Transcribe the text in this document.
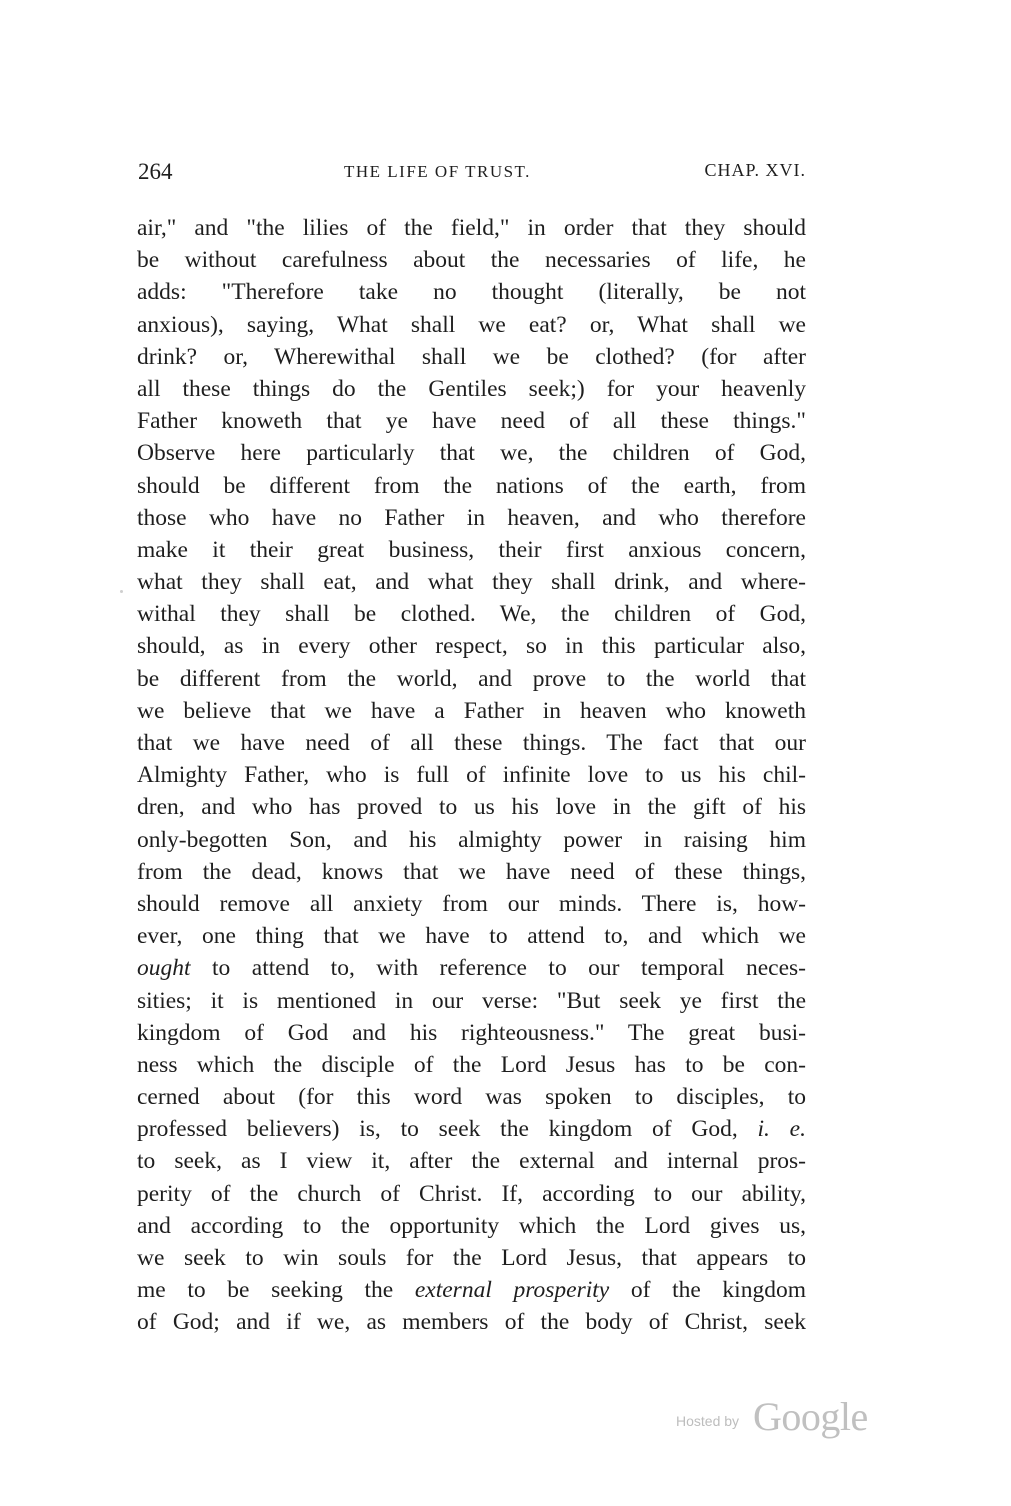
264	THE LIFE OF TRUST.	CHAP. XVI.
air," and "the lilies of the field," in order that they should
be without carefulness about the necessaries of life, he
adds: "Therefore take no thought (literally, be not
anxious), saying, What shall we eat? or, What shall we
drink? or, Wherewithal shall we be clothed? (for after
all these things do the Gentiles seek;) for your heavenly
Father knoweth that ye have need of all these things."
Observe here particularly that we, the children of God,
should be different from the nations of the earth, from
those who have no Father in heaven, and who therefore
make it their great business, their first anxious concern,
what they shall eat, and what they shall drink, and where-
withal they shall be clothed. We, the children of God,
should, as in every other respect, so in this particular also,
be different from the world, and prove to the world that
we believe that we have a Father in heaven who knoweth
that we have need of all these things. The fact that our
Almighty Father, who is full of infinite love to us his chil-
dren, and who has proved to us his love in the gift of his
only-begotten Son, and his almighty power in raising him
from the dead, knows that we have need of these things,
should remove all anxiety from our minds. There is, how-
ever, one thing that we have to attend to, and which we
ought to attend to, with reference to our temporal neces-
sities; it is mentioned in our verse: "But seek ye first the
kingdom of God and his righteousness." The great busi-
ness which the disciple of the Lord Jesus has to be con-
cerned about (for this word was spoken to disciples, to
professed believers) is, to seek the kingdom of God, i. e.
to seek, as I view it, after the external and internal pros-
perity of the church of Christ. If, according to our ability,
and according to the opportunity which the Lord gives us,
we seek to win souls for the Lord Jesus, that appears to
me to be seeking the external prosperity of the kingdom
of God; and if we, as members of the body of Christ, seek
Hosted by Google
